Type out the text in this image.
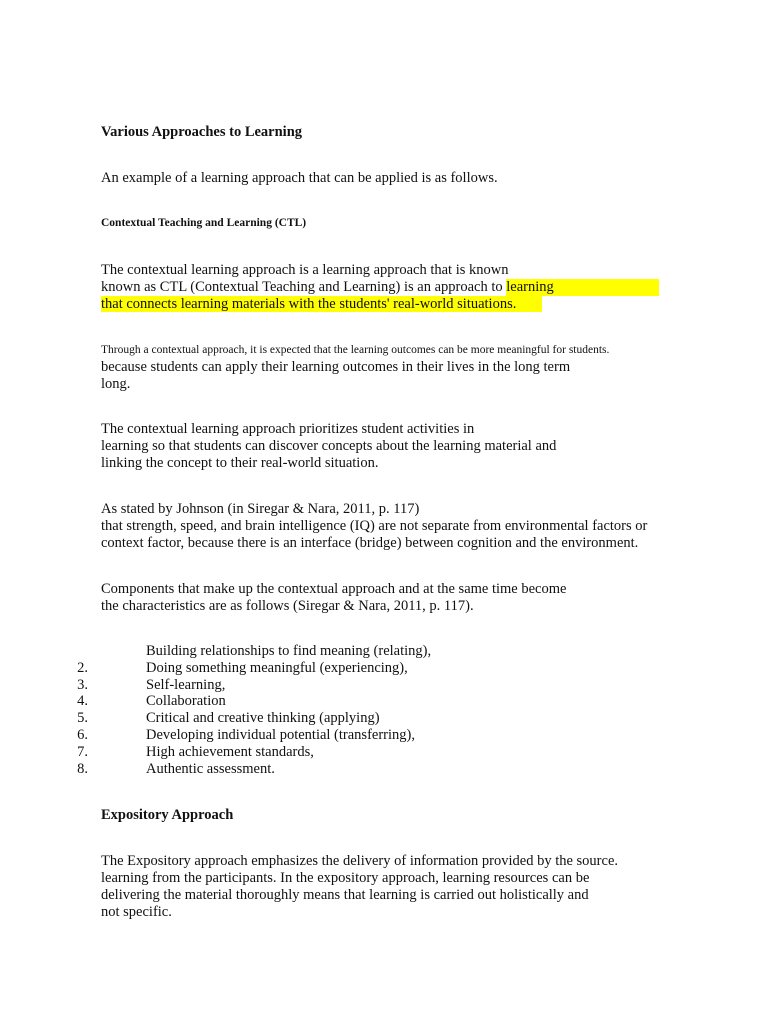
Various Approaches to Learning
An example of a learning approach that can be applied is as follows.
Contextual Teaching and Learning (CTL)
The contextual learning approach is a learning approach that is known
known as CTL (Contextual Teaching and Learning) is an approach to learning
that connects learning materials with the students' real-world situations.
Through a contextual approach, it is expected that the learning outcomes can be more meaningful for students.
because students can apply their learning outcomes in their lives in the long term
long.
The contextual learning approach prioritizes student activities in
learning so that students can discover concepts about the learning material and
linking the concept to their real-world situation.
As stated by Johnson (in Siregar & Nara, 2011, p. 117)
that strength, speed, and brain intelligence (IQ) are not separate from environmental factors or
context factor, because there is an interface (bridge) between cognition and the environment.
Components that make up the contextual approach and at the same time become
the characteristics are as follows (Siregar & Nara, 2011, p. 117).
Building relationships to find meaning (relating),
2.	Doing something meaningful (experiencing),
3.	Self-learning,
4.	Collaboration
5.	Critical and creative thinking (applying)
6.	Developing individual potential (transferring),
7.	High achievement standards,
8.	Authentic assessment.
Expository Approach
The Expository approach emphasizes the delivery of information provided by the source.
learning from the participants. In the expository approach, learning resources can be
delivering the material thoroughly means that learning is carried out holistically and
not specific.
